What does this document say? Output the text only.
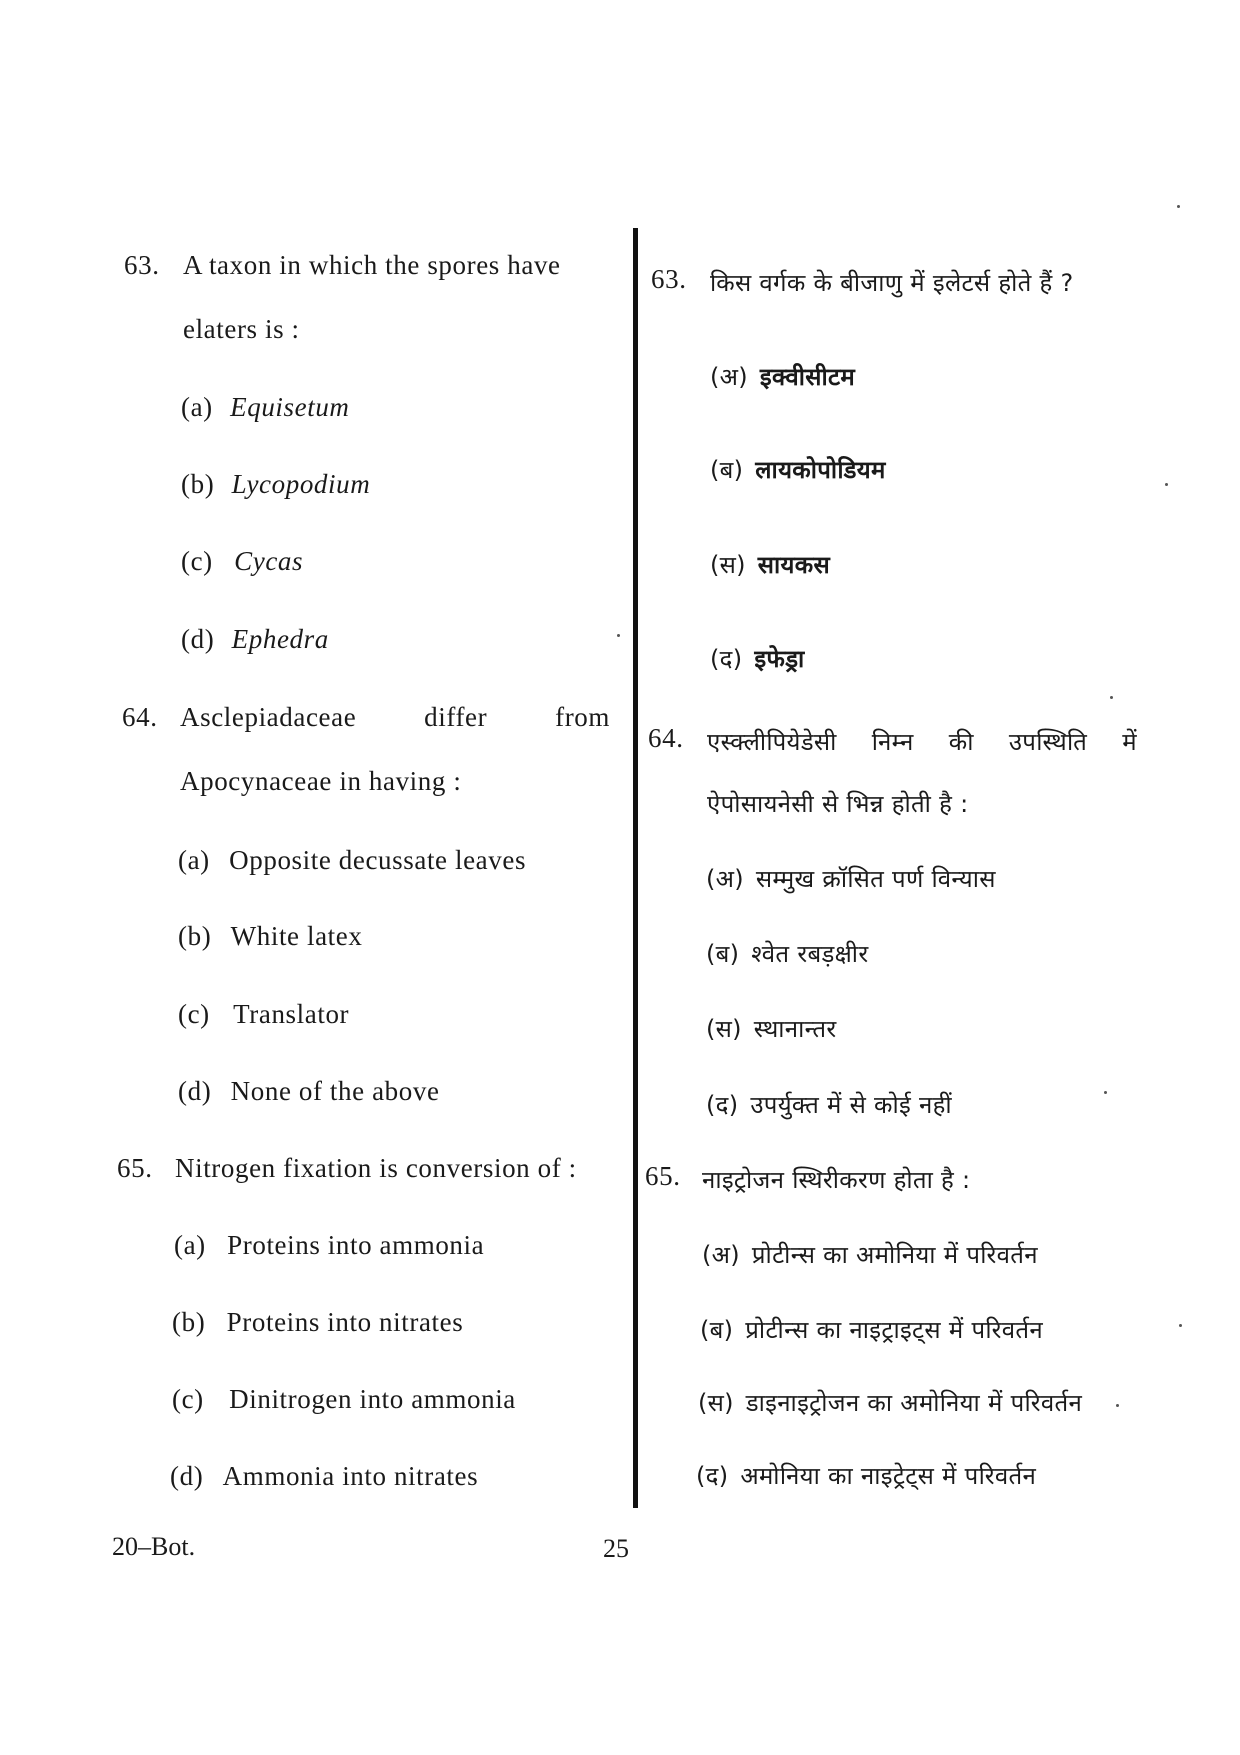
63. A taxon in which the spores have
elaters is :
(a) Equisetum
(b) Lycopodium
(c) Cycas
(d) Ephedra
64. Asclepiadaceae	differ	from
Apocynaceae in having :
(a) Opposite decussate leaves
(b) White latex
(c) Translator
(d) None of the above
65. Nitrogen fixation is conversion of :
(a) Proteins into ammonia
(b) Proteins into nitrates
(c) Dinitrogen into ammonia
(d) Ammonia into nitrates
63. किस वर्गक के बीजाणु में इलेटर्स होते हैं ?
(अ) इक्वीसीटम
(ब) लायकोपोडियम
(स) सायकस
(द) इफेड्रा
64. एस्क्लीपियेडेसी निम्न की उपस्थिति में
ऐपोसायनेसी से भिन्न होती है :
(अ) सम्मुख क्रॉसित पर्ण विन्यास
(ब) श्वेत रबड़क्षीर
(स) स्थानान्तर
(द) उपर्युक्त में से कोई नहीं
65. नाइट्रोजन स्थिरीकरण होता है :
(अ) प्रोटीन्स का अमोनिया में परिवर्तन
(ब) प्रोटीन्स का नाइट्राइट्स में परिवर्तन
(स) डाइनाइट्रोजन का अमोनिया में परिवर्तन
(द) अमोनिया का नाइट्रेट्स में परिवर्तन
20–Bot.	25
